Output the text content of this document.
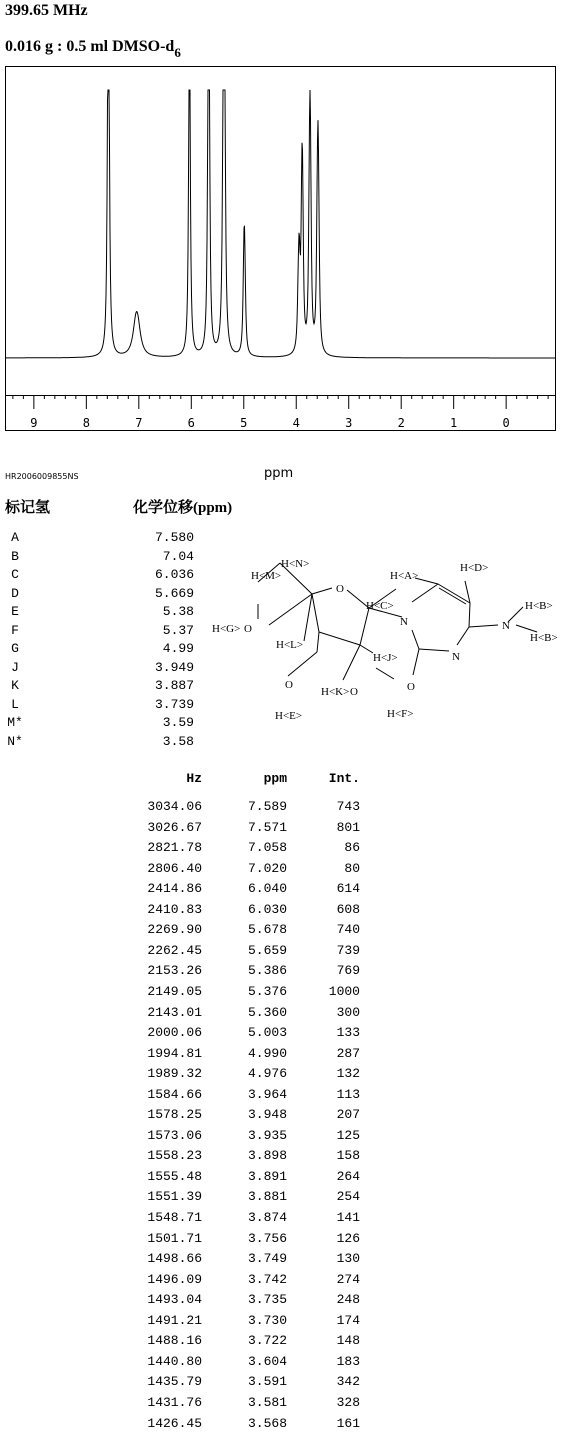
399.65 MHz
0.016 g : 0.5 ml DMSO-$d_6$
9	8	7	6	5	4	3	2	1	0
HR2006009855NS	ppm
标记氢	化学位移(ppm)
A	7.580
B	7.04
C	6.036
D	5.669
E	5.38
F	5.37
G	4.99
J	3.949
K	3.887
L	3.739
M*	3.59
N*	3.58
H<M>
H<N>
H<G> O
H<L>
O
H<C>
N
H<A>
H<D>
H<B>
N
H<B>
N
O
H<J>
O
H<E>
H<K> O
H<F>
Hz	ppm	Int.
3034.06	7.589	743
3026.67	7.571	801
2821.78	7.058	86
2806.40	7.020	80
2414.86	6.040	614
2410.83	6.030	608
2269.90	5.678	740
2262.45	5.659	739
2153.26	5.386	769
2149.05	5.376	1000
2143.01	5.360	300
2000.06	5.003	133
1994.81	4.990	287
1989.32	4.976	132
1584.66	3.964	113
1578.25	3.948	207
1573.06	3.935	125
1558.23	3.898	158
1555.48	3.891	264
1551.39	3.881	254
1548.71	3.874	141
1501.71	3.756	126
1498.66	3.749	130
1496.09	3.742	274
1493.04	3.735	248
1491.21	3.730	174
1488.16	3.722	148
1440.80	3.604	183
1435.79	3.591	342
1431.76	3.581	328
1426.45	3.568	161
